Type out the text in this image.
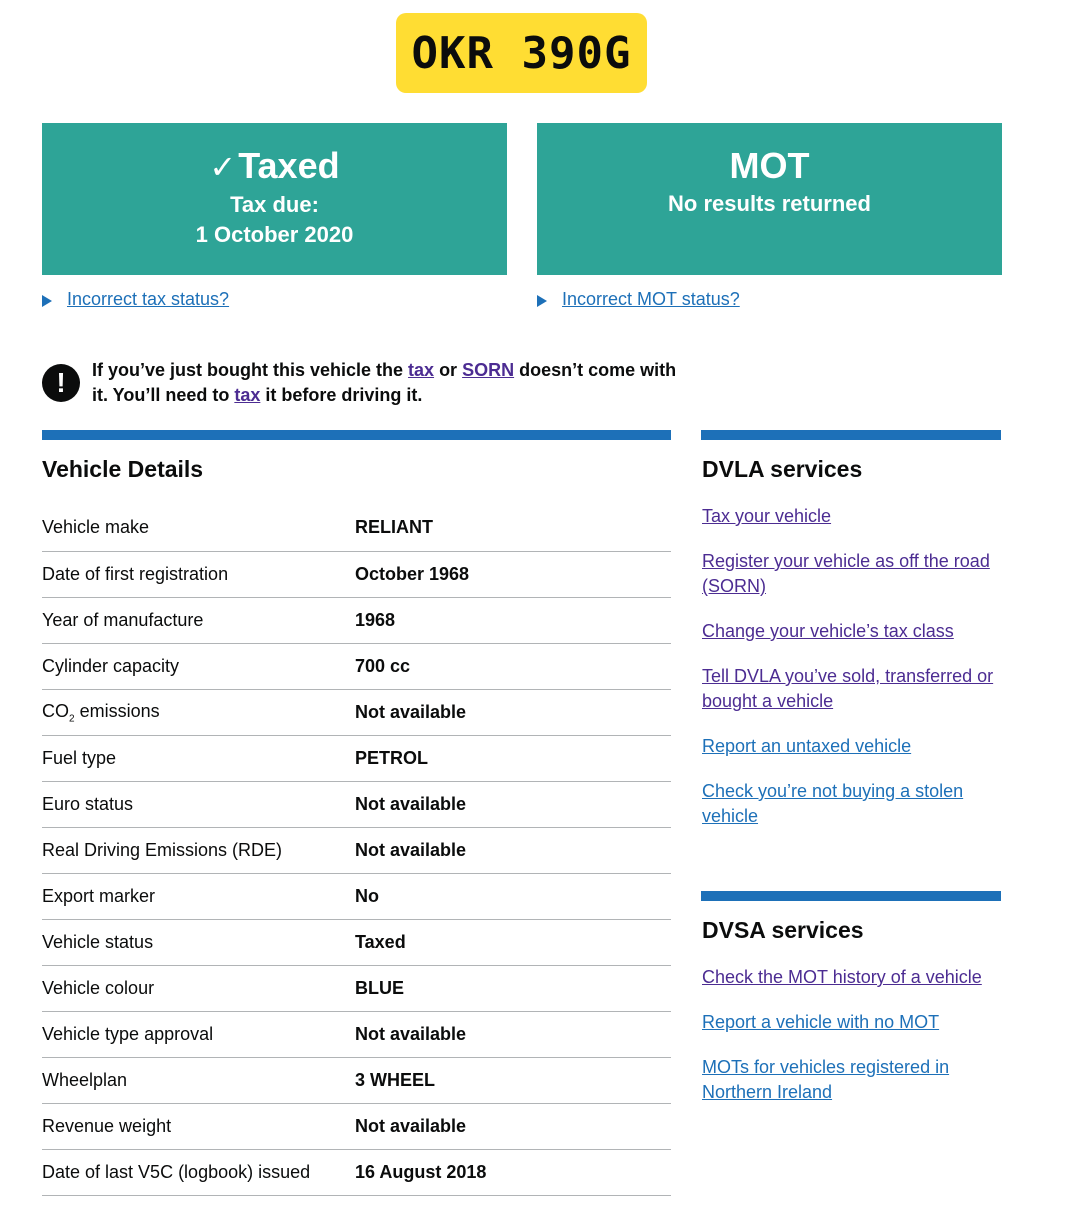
OKR 390G
✓Taxed
Tax due:
1 October 2020
MOT
No results returned
Incorrect tax status?	Incorrect MOT status?
!	If you’ve just bought this vehicle the tax or SORN doesn’t come with it. You’ll need to tax it before driving it.
Vehicle Details
Vehicle make	RELIANT
Date of first registration	October 1968
Year of manufacture	1968
Cylinder capacity	700 cc
$CO_2$ emissions	Not available
Fuel type	PETROL
Euro status	Not available
Real Driving Emissions (RDE)	Not available
Export marker	No
Vehicle status	Taxed
Vehicle colour	BLUE
Vehicle type approval	Not available
Wheelplan	3 WHEEL
Revenue weight	Not available
Date of last V5C (logbook) issued	16 August 2018
DVLA services
Tax your vehicle
Register your vehicle as off the road (SORN)
Change your vehicle’s tax class
Tell DVLA you’ve sold, transferred or bought a vehicle
Report an untaxed vehicle
Check you’re not buying a stolen vehicle
DVSA services
Check the MOT history of a vehicle
Report a vehicle with no MOT
MOTs for vehicles registered in Northern Ireland
